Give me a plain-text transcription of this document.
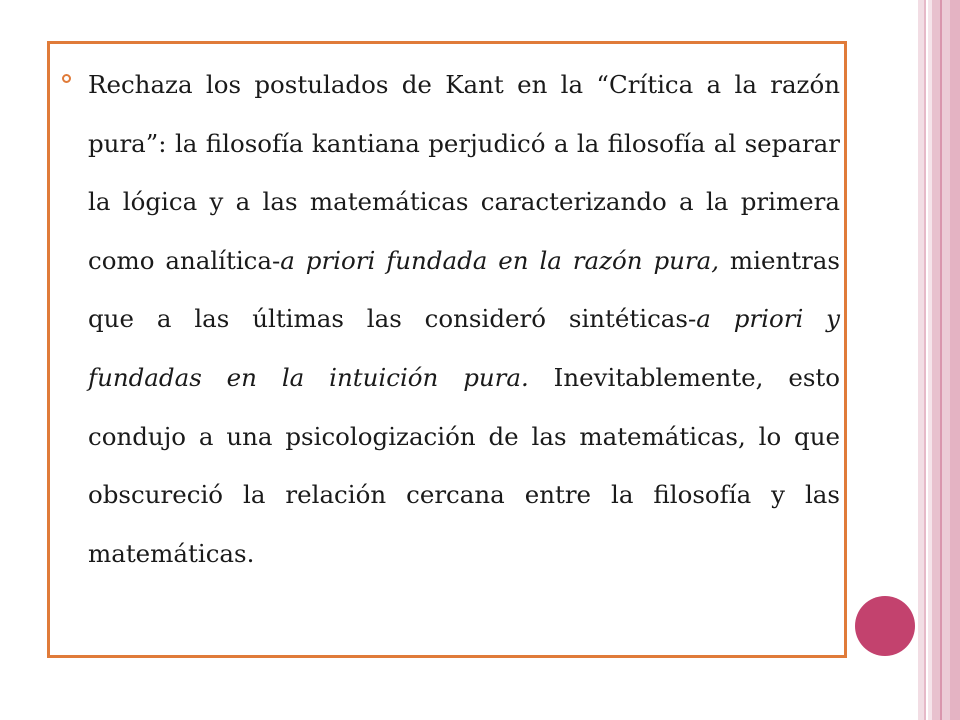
Rechaza los postulados de Kant en la “Crítica a la razón pura”: la filosofía kantiana perjudicó a la filosofía al separar la lógica y a las matemáticas caracterizando a la primera como analítica-a priori fundada en la razón pura, mientras que a las últimas las consideró sintéticas-a priori y fundadas en la intuición pura. Inevitablemente, esto condujo a una psicologización de las matemáticas, lo que obscureció la relación cercana entre la filosofía y las matemáticas.
